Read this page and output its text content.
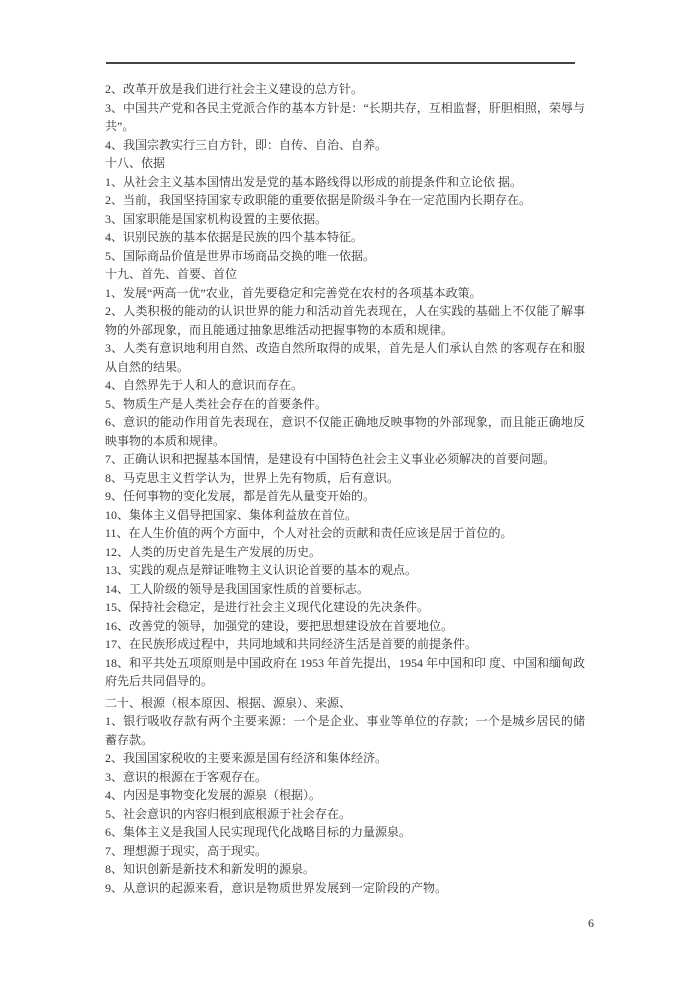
2、改革开放是我们进行社会主义建设的总方针。

3、中国共产党和各民主党派合作的基本方针是：“长期共存，互相监督，肝胆相照，荣辱与共”。

4、我国宗教实行三自方针，即：自传、自治、自养。

十八、依据

1、从社会主义基本国情出发是党的基本路线得以形成的前提条件和立论依 据。

2、当前，我国坚持国家专政职能的重要依据是阶级斗争在一定范围内长期存在。

3、国家职能是国家机构设置的主要依据。

4、识别民族的基本依据是民族的四个基本特征。

5、国际商品价值是世界市场商品交换的唯一依据。

十九、首先、首要、首位

1、发展“两高一优”农业，首先要稳定和完善党在农村的各项基本政策。

2、人类积极的能动的认识世界的能力和活动首先表现在，人在实践的基础上不仅能了解事物的外部现象，而且能通过抽象思维活动把握事物的本质和规律。

3、人类有意识地利用自然、改造自然所取得的成果，首先是人们承认自然 的客观存在和服从自然的结果。

4、自然界先于人和人的意识而存在。

5、物质生产是人类社会存在的首要条件。

6、意识的能动作用首先表现在，意识不仅能正确地反映事物的外部现象，而且能正确地反映事物的本质和规律。

7、正确认识和把握基本国情，是建设有中国特色社会主义事业必须解决的首要问题。

8、马克思主义哲学认为，世界上先有物质，后有意识。

9、任何事物的变化发展，都是首先从量变开始的。

10、集体主义倡导把国家、集体利益放在首位。

11、在人生价值的两个方面中，个人对社会的贡献和责任应该是居于首位的。

12、人类的历史首先是生产发展的历史。

13、实践的观点是辩证唯物主义认识论首要的基本的观点。

14、工人阶级的领导是我国国家性质的首要标志。

15、保持社会稳定，是进行社会主义现代化建设的先决条件。

16、改善党的领导，加强党的建设，要把思想建设放在首要地位。

17、在民族形成过程中，共同地域和共同经济生活是首要的前提条件。

18、和平共处五项原则是中国政府在 1953 年首先提出，1954 年中国和印 度、中国和缅甸政府先后共同倡导的。

二十、根源（根本原因、根据、源泉）、来源、

1、银行吸收存款有两个主要来源：一个是企业、事业等单位的存款；一个是城乡居民的储蓄存款。

2、我国国家税收的主要来源是国有经济和集体经济。

3、意识的根源在于客观存在。

4、内因是事物变化发展的源泉（根据）。

5、社会意识的内容归根到底根源于社会存在。

6、集体主义是我国人民实现现代化战略目标的力量源泉。

7、理想源于现实，高于现实。

8、知识创新是新技术和新发明的源泉。

9、从意识的起源来看，意识是物质世界发展到一定阶段的产物。

6
